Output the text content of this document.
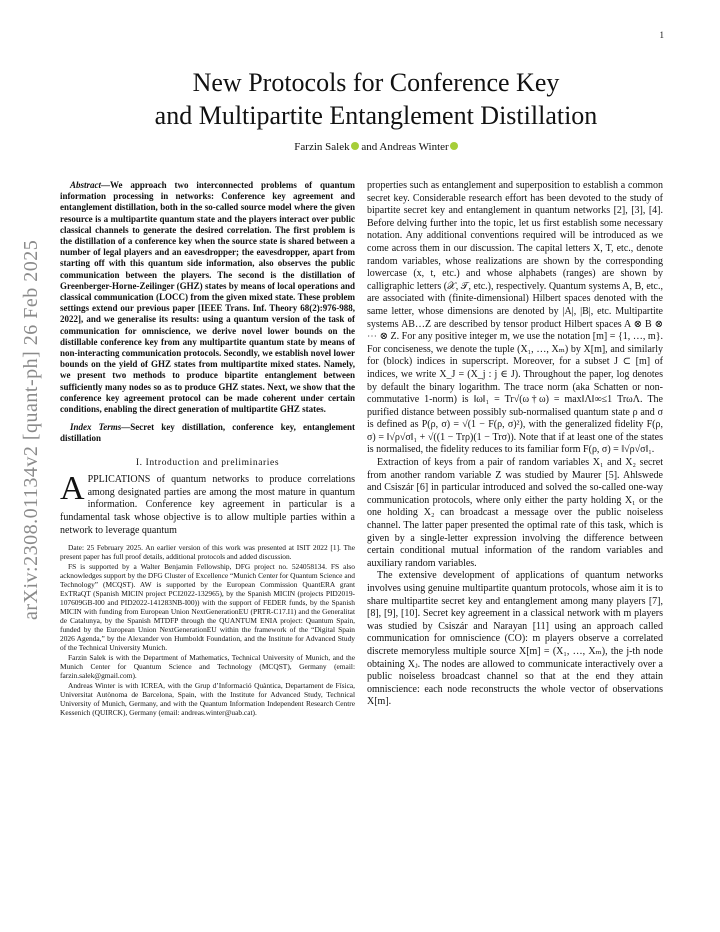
1
arXiv:2308.01134v2 [quant-ph] 26 Feb 2025
New Protocols for Conference Key
and Multipartite Entanglement Distillation
Farzin Salek and Andreas Winter

Abstract—We approach two interconnected problems of quantum information processing in networks: Conference key agreement and entanglement distillation, both in the so-called source model where the given resource is a multipartite quantum state and the players interact over public classical channels to generate the desired correlation. The first problem is the distillation of a conference key when the source state is shared between a number of legal players and an eavesdropper; the eavesdropper, apart from starting off with this quantum side information, also observes the public communication between the players. The second is the distillation of Greenberger-Horne-Zeilinger (GHZ) states by means of local operations and classical communication (LOCC) from the given mixed state. These problem settings extend our previous paper [IEEE Trans. Inf. Theory 68(2):976-988, 2022], and we generalise its results: using a quantum version of the task of communication for omniscience, we derive novel lower bounds on the distillable conference key from any multipartite quantum state by means of non-interacting communication protocols. Secondly, we establish novel lower bounds on the yield of GHZ states from multipartite mixed states. Namely, we present two methods to produce bipartite entanglement between sufficiently many nodes so as to produce GHZ states. Next, we show that the conference key agreement protocol can be made coherent under certain conditions, enabling the direct generation of multipartite GHZ states.

Index Terms—Secret key distillation, conference key, entanglement distillation

I. Introduction and preliminaries

APPLICATIONS of quantum networks to produce correlations among designated parties are among the most mature in quantum information. Conference key agreement in particular is a fundamental task whose objective is to allow multiple parties within a network to leverage quantum

Date: 25 February 2025. An earlier version of this work was presented at ISIT 2022 [1]. The present paper has full proof details, additional protocols and added discussion.

FS is supported by a Walter Benjamin Fellowship, DFG project no. 524058134. FS also acknowledges support by the DFG Cluster of Excellence “Munich Center for Quantum Science and Technology” (MCQST). AW is supported by the European Commission QuantERA grant ExTRaQT (Spanish MICIN project PCI2022-132965), by the Spanish MICIN (projects PID2019-107609GB-I00 and PID2022-141283NB-I00)) with the support of FEDER funds, by the Spanish MICIN with funding from European Union NextGenerationEU (PRTR-C17.I1) and the Generalitat de Catalunya, by the Spanish MTDFP through the QUANTUM ENIA project: Quantum Spain, funded by the European Union NextGenerationEU within the framework of the “Digital Spain 2026 Agenda,” by the Alexander von Humboldt Foundation, and the Institute for Advanced Study of the Technical University Munich.

Farzin Salek is with the Department of Mathematics, Technical University of Munich, and the Munich Center for Quantum Science and Technology (MCQST), Germany (email: farzin.salek@gmail.com).

Andreas Winter is with ICREA, with the Grup d’Informació Quàntica, Departament de Física, Universitat Autònoma de Barcelona, Spain, with the Institute for Advanced Study, Technical University of Munich, Germany, and with the Quantum Information Independent Research Centre Kessenich (QUIRCK), Germany (email: andreas.winter@uab.cat).

properties such as entanglement and superposition to establish a common secret key. Considerable research effort has been devoted to the study of bipartite secret key and entanglement in quantum networks [2], [3], [4]. Before delving further into the topic, let us first establish some necessary notation. Any additional conventions required will be introduced as we come across them in our discussion. The capital letters X, T, etc., denote random variables, whose realizations are shown by the corresponding lowercase (x, t, etc.) and whose alphabets (ranges) are shown by calligraphic letters (𝒳, 𝒯, etc.), respectively. Quantum systems A, B, etc., are associated with (finite-dimensional) Hilbert spaces denoted with the same letter, whose dimensions are denoted by |A|, |B|, etc. Multipartite systems AB…Z are described by tensor product Hilbert spaces A ⊗ B ⊗ ⋯ ⊗ Z. For any positive integer m, we use the notation [m] = {1, …, m}. For conciseness, we denote the tuple (X₁, …, Xₘ) by X[m], and similarly for (block) indices in superscript. Moreover, for a subset J ⊂ [m] of indices, we write X_J = (X_j : j ∈ J). Throughout the paper, log denotes by default the binary logarithm. The trace norm (aka Schatten or non-commutative 1-norm) is ‖ω‖₁ = Tr√(ω†ω) = max‖Λ‖∞≤1 TrωΛ. The purified distance between possibly sub-normalised quantum state ρ and σ is defined as P(ρ, σ) = √(1 − F(ρ, σ)²), with the generalized fidelity F(ρ, σ) = ‖√ρ√σ‖₁ + √((1 − Trρ)(1 − Trσ)). Note that if at least one of the states is normalised, the fidelity reduces to its familiar form F(ρ, σ) = ‖√ρ√σ‖₁.

Extraction of keys from a pair of random variables X₁ and X₂ secret from another random variable Z was studied by Maurer [5]. Ahlswede and Csiszár [6] in particular introduced and solved the so-called one-way communication protocols, where only either the party holding X₁ or the one holding X₂ can broadcast a message over the public noiseless channel. The latter paper presented the optimal rate of this task, which is given by a single-letter expression involving the difference between certain conditional mutual information of the random variables and auxiliary random variables.

The extensive development of applications of quantum networks involves using genuine multipartite quantum protocols, whose aim it is to share multipartite secret key and entanglement among many players [7], [8], [9], [10]. Secret key agreement in a classical network with m players was studied by Csiszár and Narayan [11] using an approach called communication for omniscience (CO): m players observe a correlated discrete memoryless multiple source X[m] = (X₁, …, Xₘ), the j-th node obtaining Xⱼ. The nodes are allowed to communicate interactively over a public noiseless broadcast channel so that at the end they attain omniscience: each node reconstructs the whole vector of observations X[m].
